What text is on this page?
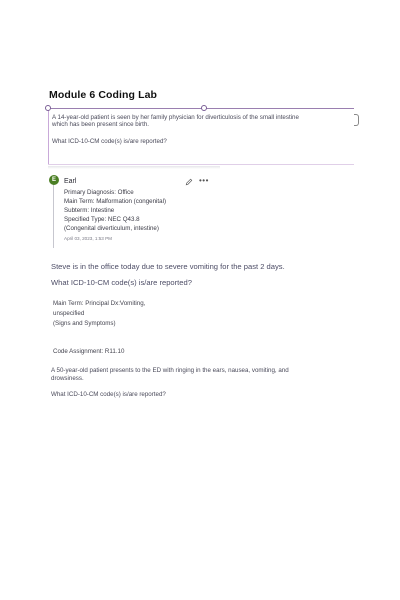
Module 6 Coding Lab
A 14-year-old patient is seen by her family physician for diverticulosis of the small intestine
which has been present since birth.
What ICD-10-CM code(s) is/are reported?
E	Earl	•••
Primary Diagnosis: Office
Main Term: Malformation (congenital)
Subterm: Intestine
Specified Type: NEC Q43.8
(Congenital diverticulum, intestine)
April 03, 2023, 1:53 PM
Steve is in the office today due to severe vomiting for the past 2 days.
What ICD-10-CM code(s) is/are reported?
Main Term: Principal Dx:Vomiting,
unspecified
(Signs and Symptoms)
Code Assignment: R11.10
A 50-year-old patient presents to the ED with ringing in the ears, nausea, vomiting, and
drowsiness.
What ICD-10-CM code(s) is/are reported?
